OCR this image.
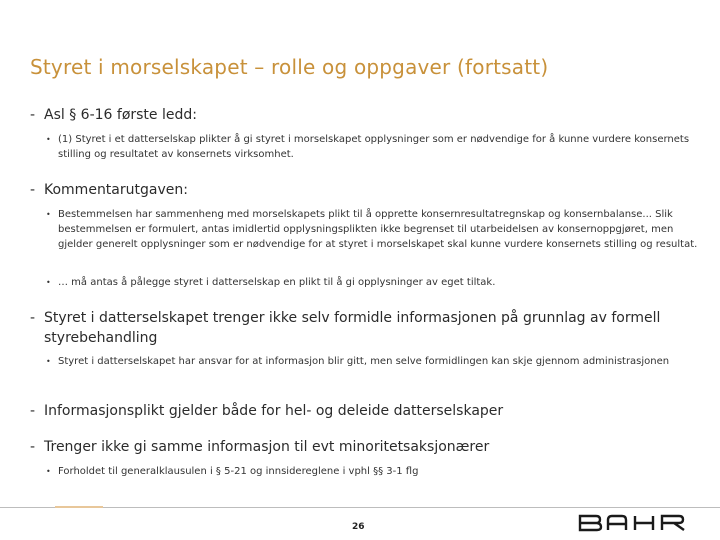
Styret i morselskapet – rolle og oppgaver (fortsatt)
- Asl § 6-16 første ledd:
• (1) Styret i et datterselskap plikter å gi styret i morselskapet opplysninger som er nødvendige for å kunne vurdere konsernets stilling og resultatet av konsernets virksomhet.
- Kommentarutgaven:
• Bestemmelsen har sammenheng med morselskapets plikt til å opprette konsernresultatregnskap og konsernbalanse... Slik bestemmelsen er formulert, antas imidlertid opplysningsplikten ikke begrenset til utarbeidelsen av konsernoppgjøret, men gjelder generelt opplysninger som er nødvendige for at styret i morselskapet skal kunne vurdere konsernets stilling og resultat.
• … må antas å pålegge styret i datterselskap en plikt til å gi opplysninger av eget tiltak.
- Styret i datterselskapet trenger ikke selv formidle informasjonen på grunnlag av formell styrebehandling
• Styret i datterselskapet har ansvar for at informasjon blir gitt, men selve formidlingen kan skje gjennom administrasjonen
- Informasjonsplikt gjelder både for hel- og deleide datterselskaper
- Trenger ikke gi samme informasjon til evt minoritetsaksjonærer
• Forholdet til generalklausulen i § 5-21 og innsidereglene i vphl §§ 3-1 flg
26
